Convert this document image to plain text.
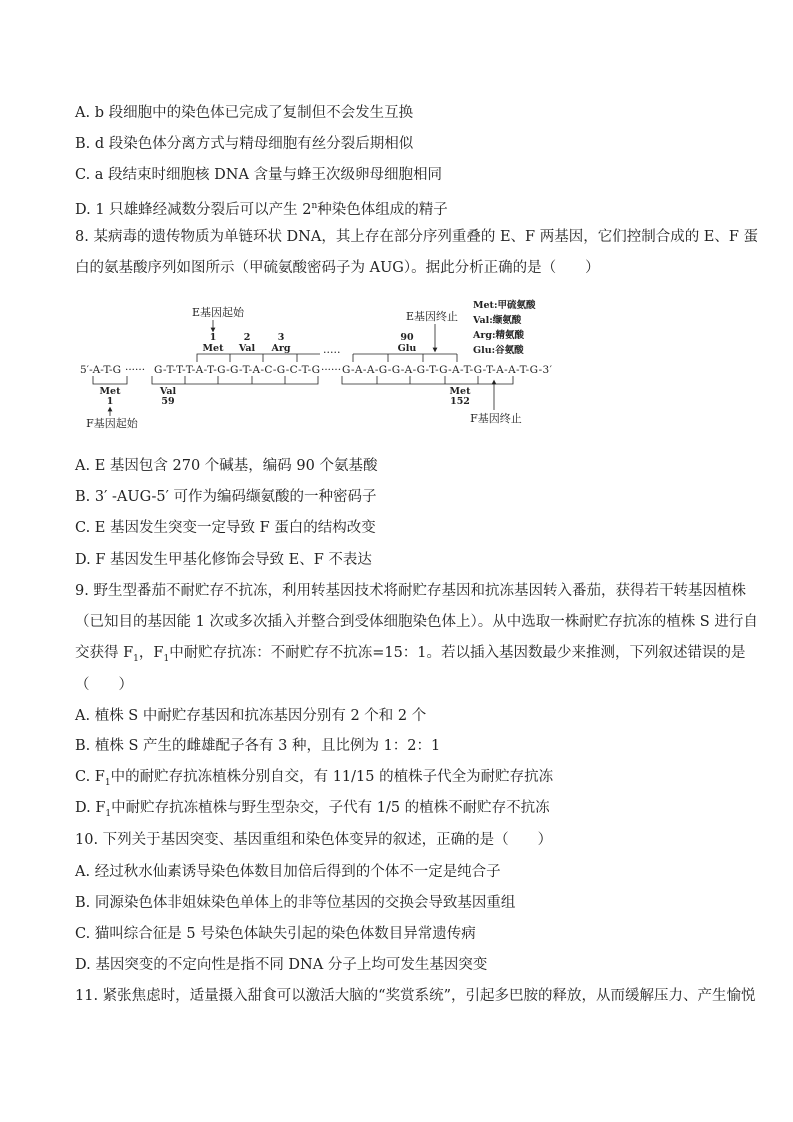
A. b 段细胞中的染色体已完成了复制但不会发生互换
B. d 段染色体分离方式与精母细胞有丝分裂后期相似
C. a 段结束时细胞核 DNA 含量与蜂王次级卵母细胞相同
D. 1 只雄蜂经减数分裂后可以产生 2$^n$种染色体组成的精子
8. 某病毒的遗传物质为单链环状 DNA，其上存在部分序列重叠的 E、F 两基因，它们控制合成的 E、F 蛋
白的氨基酸序列如图所示（甲硫氨酸密码子为 AUG）。据此分析正确的是（　　）
5′-A-T-G ······ G-T-T-T-A-T-G-G-T-A-C-G-C-T-G ······ G-A-A-G-G-A-G-T-G-A-T-G-T-A-A-T-G-3′
·····
E基因起始
1
Met
2
Val
3
Arg
90
Glu
E基因终止
Met:甲硫氨酸
Val:缬氨酸
Arg:精氨酸
Glu:谷氨酸
Met
1
F基因起始
Val
59
Met
152
F基因终止
A. E 基因包含 270 个碱基，编码 90 个氨基酸
B. 3′ -AUG-5′ 可作为编码缬氨酸的一种密码子
C. E 基因发生突变一定导致 F 蛋白的结构改变
D. F 基因发生甲基化修饰会导致 E、F 不表达
9. 野生型番茄不耐贮存不抗冻，利用转基因技术将耐贮存基因和抗冻基因转入番茄，获得若干转基因植株
（已知目的基因能 1 次或多次插入并整合到受体细胞染色体上）。从中选取一株耐贮存抗冻的植株 S 进行自
交获得 $F_1$，$F_1$中耐贮存抗冻：不耐贮存不抗冻=15：1。若以插入基因数最少来推测，下列叙述错误的是
（　　）
A. 植株 S 中耐贮存基因和抗冻基因分别有 2 个和 2 个
B. 植株 S 产生的雌雄配子各有 3 种，且比例为 1：2：1
C. $F_1$中的耐贮存抗冻植株分别自交，有 11/15 的植株子代全为耐贮存抗冻
D. $F_1$中耐贮存抗冻植株与野生型杂交，子代有 1/5 的植株不耐贮存不抗冻
10. 下列关于基因突变、基因重组和染色体变异的叙述，正确的是（　　）
A. 经过秋水仙素诱导染色体数目加倍后得到的个体不一定是纯合子
B. 同源染色体非姐妹染色单体上的非等位基因的交换会导致基因重组
C. 猫叫综合征是 5 号染色体缺失引起的染色体数目异常遗传病
D. 基因突变的不定向性是指不同 DNA 分子上均可发生基因突变
11. 紧张焦虑时，适量摄入甜食可以激活大脑的“奖赏系统”，引起多巴胺的释放，从而缓解压力、产生愉悦
